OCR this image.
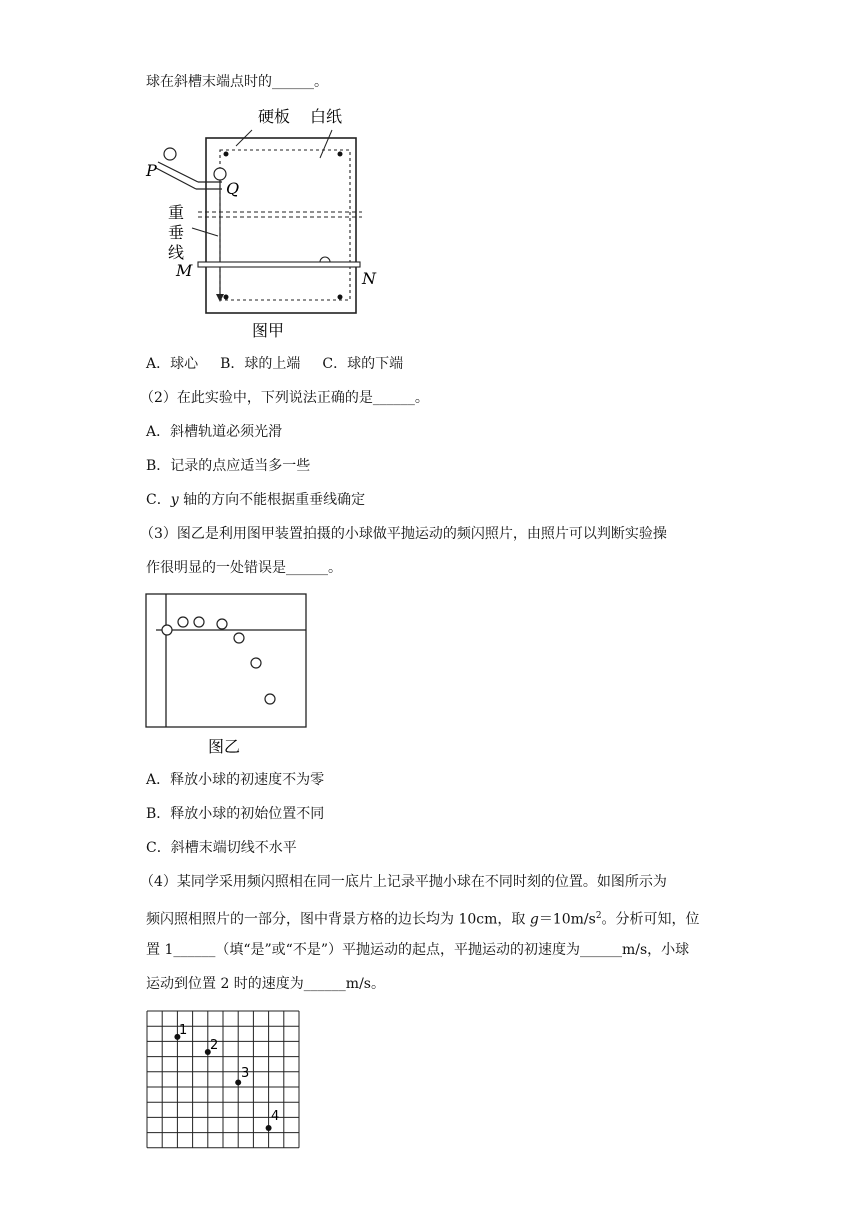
球在斜槽末端点时的______。
硬板 白纸
P
Q
重
垂
线
M	N
图甲
A．球心 B．球的上端 C．球的下端
（2）在此实验中，下列说法正确的是______。
A．斜槽轨道必须光滑
B．记录的点应适当多一些
C．y 轴的方向不能根据重垂线确定
（3）图乙是利用图甲装置拍摄的小球做平抛运动的频闪照片，由照片可以判断实验操
作很明显的一处错误是______。
图乙
A．释放小球的初速度不为零
B．释放小球的初始位置不同
C．斜槽末端切线不水平
（4）某同学采用频闪照相在同一底片上记录平抛小球在不同时刻的位置。如图所示为
频闪照相照片的一部分，图中背景方格的边长均为 10cm，取 $g=10m/s^2$。分析可知，位
置 1______（填“是”或“不是”）平抛运动的起点，平抛运动的初速度为______m/s，小球
运动到位置 2 时的速度为______m/s。
1
2
3
4
